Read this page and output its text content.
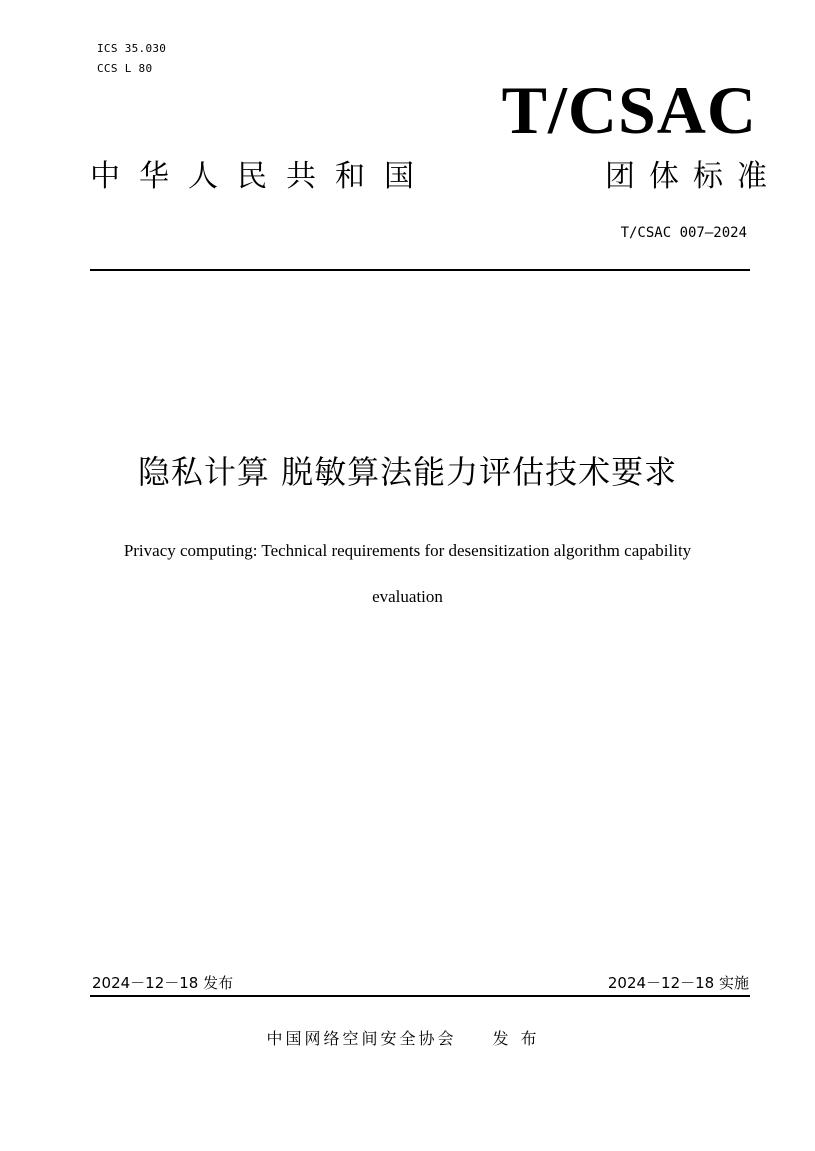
ICS 35.030
CCS L 80
T/CSAC
中华人民共和国	团体标准
T/CSAC 007—2024
隐私计算 脱敏算法能力评估技术要求
Privacy computing: Technical requirements for desensitization algorithm capability
evaluation
2024－12－18 发布	2024－12－18 实施
中国网络空间安全协会 发布
